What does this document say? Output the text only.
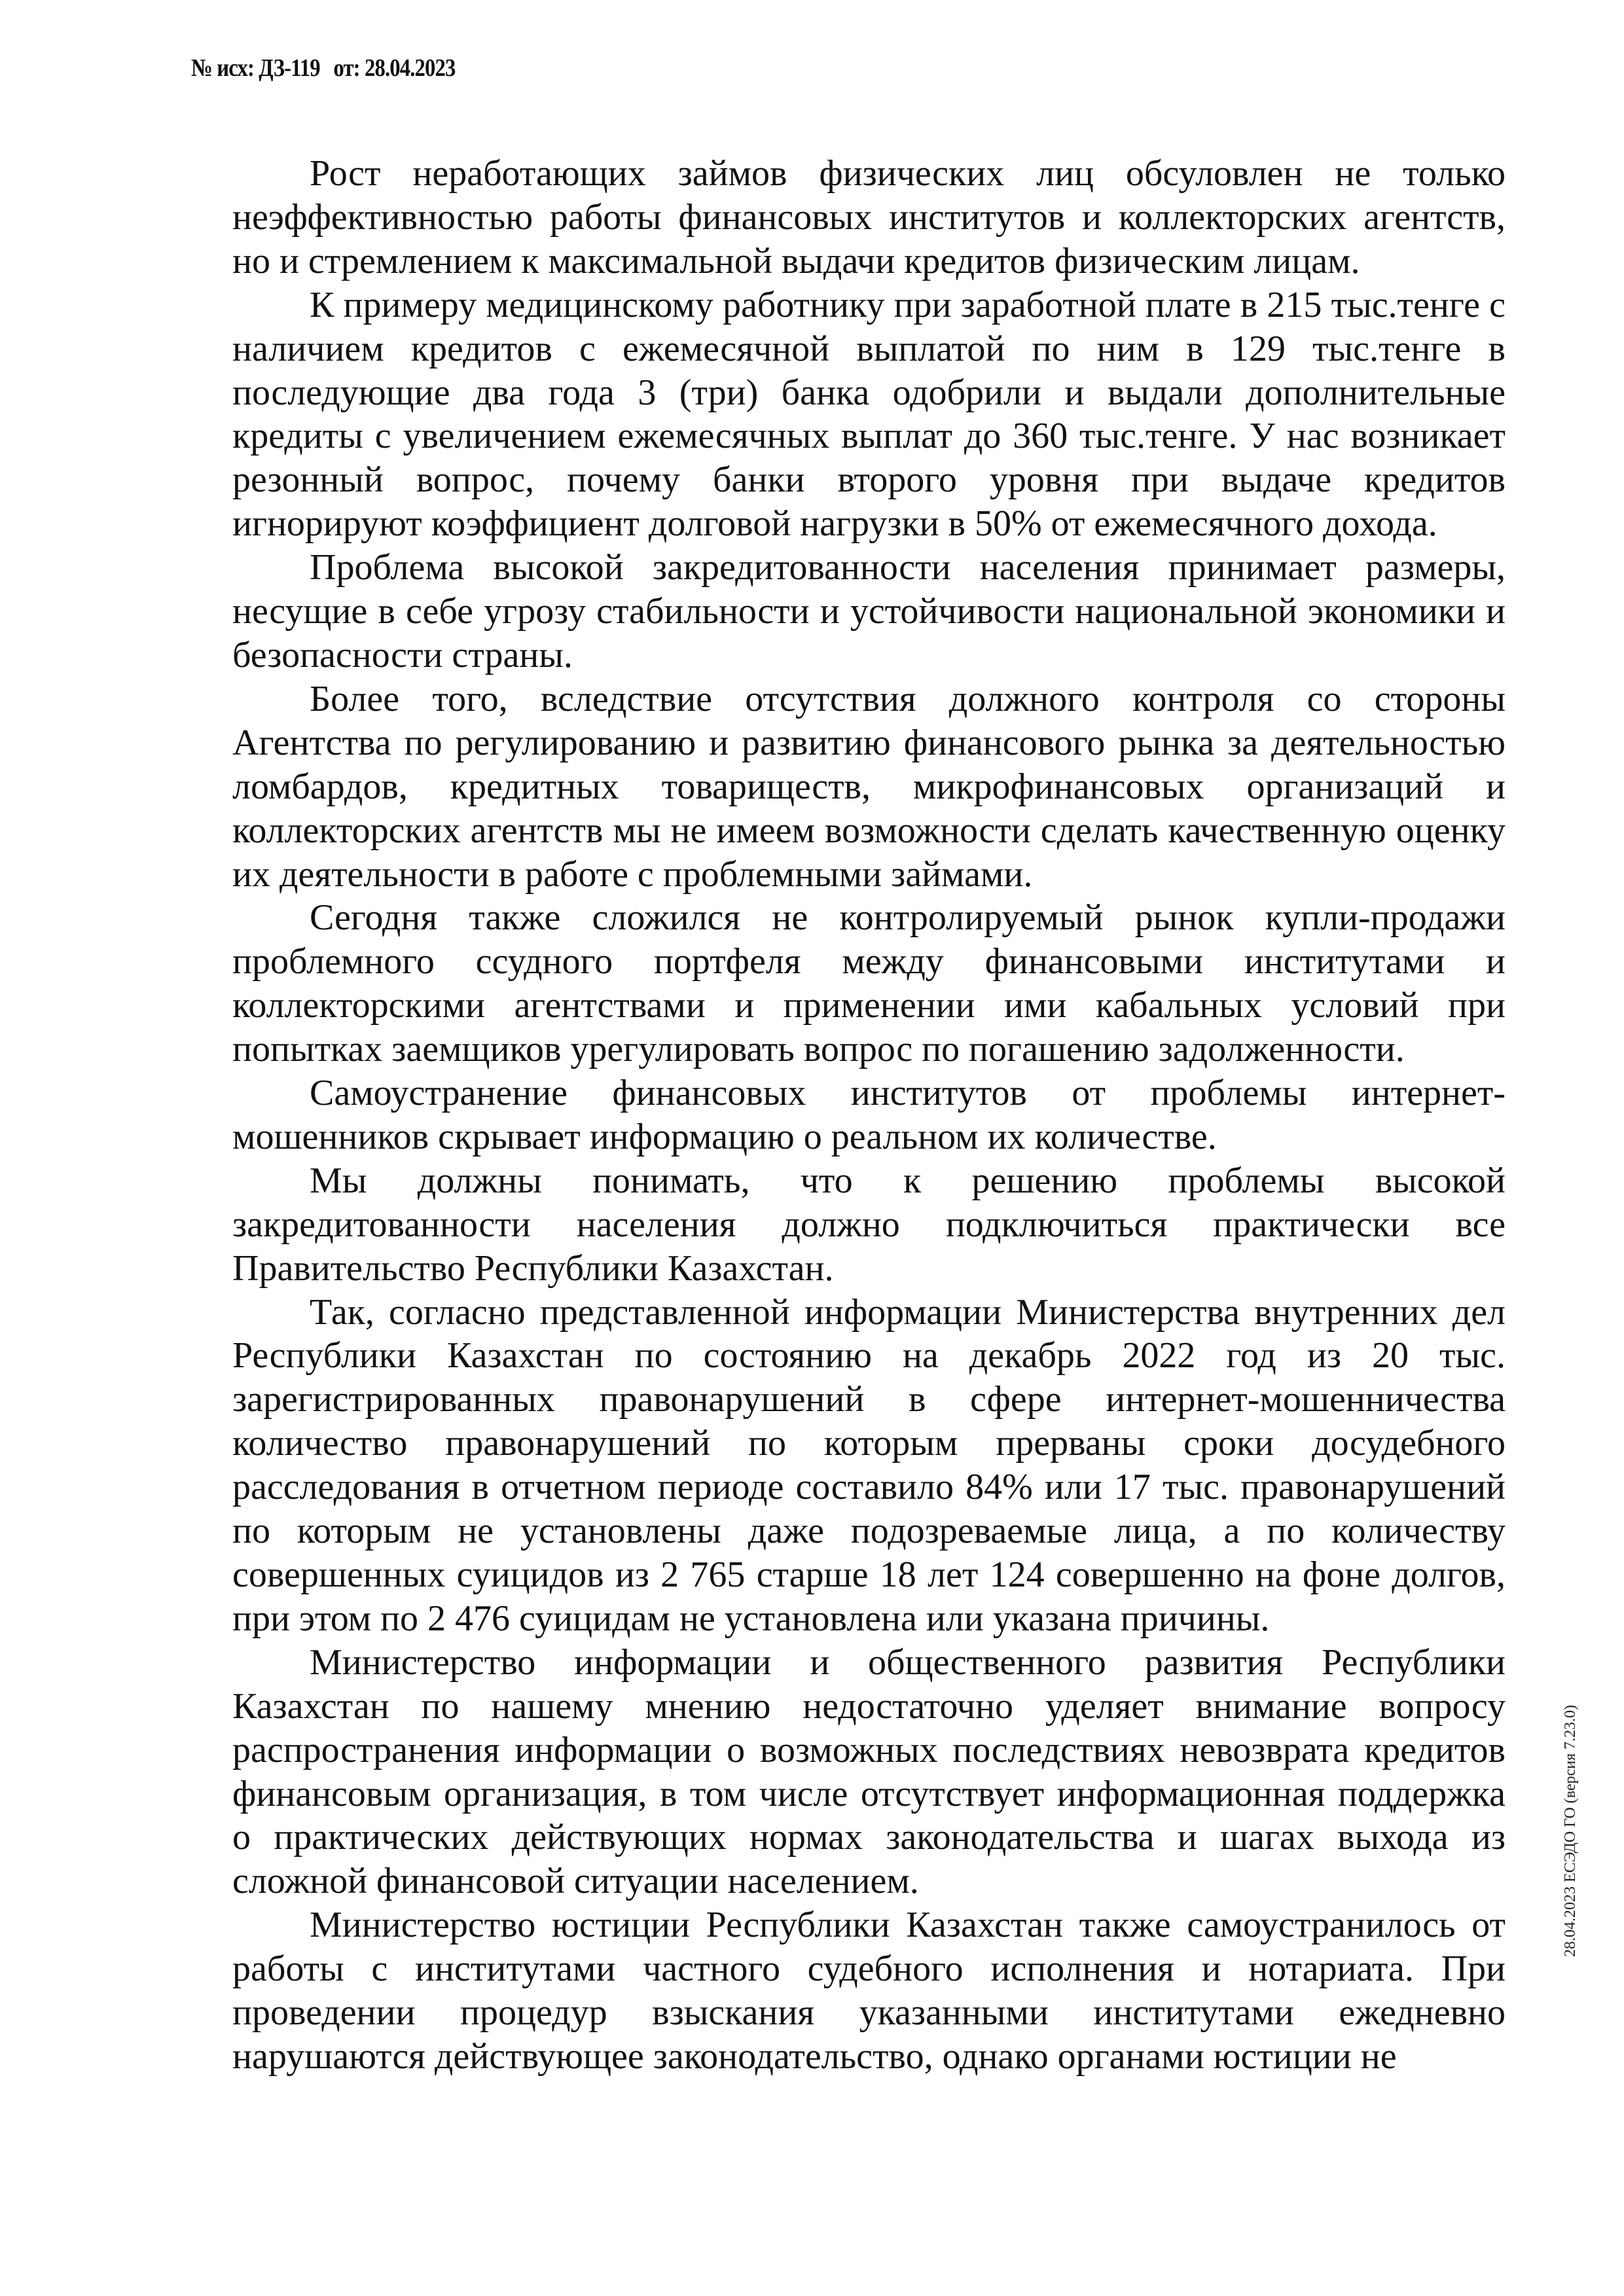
№ исх: ДЗ-119 от: 28.04.2023

Рост неработающих займов физических лиц обсуловлен не только неэффективностью работы финансовых институтов и коллекторских агентств, но и стремлением к максимальной выдачи кредитов физическим лицам.

К примеру медицинскому работнику при заработной плате в 215 тыс.тенге с наличием кредитов с ежемесячной выплатой по ним в 129 тыс.тенге в последующие два года 3 (три) банка одобрили и выдали дополнительные кредиты с увеличением ежемесячных выплат до 360 тыс.тенге. У нас возникает резонный вопрос, почему банки второго уровня при выдаче кредитов игнорируют коэффициент долговой нагрузки в 50% от ежемесячного дохода.

Проблема высокой закредитованности населения принимает размеры, несущие в себе угрозу стабильности и устойчивости национальной экономики и безопасности страны.

Более того, вследствие отсутствия должного контроля со стороны Агентства по регулированию и развитию финансового рынка за деятельностью ломбардов, кредитных товариществ, микрофинансовых организаций и коллекторских агентств мы не имеем возможности сделать качественную оценку их деятельности в работе с проблемными займами.

Сегодня также сложился не контролируемый рынок купли-продажи проблемного ссудного портфеля между финансовыми институтами и коллекторскими агентствами и применении ими кабальных условий при попытках заемщиков урегулировать вопрос по погашению задолженности.

Самоустранение финансовых институтов от проблемы интернет-мошенников скрывает информацию о реальном их количестве.

Мы должны понимать, что к решению проблемы высокой закредитованности населения должно подключиться практически все Правительство Республики Казахстан.

Так, согласно представленной информации Министерства внутренних дел Республики Казахстан по состоянию на декабрь 2022 год из 20 тыс. зарегистрированных правонарушений в сфере интернет-мошенничества количество правонарушений по которым прерваны сроки досудебного расследования в отчетном периоде составило 84% или 17 тыс. правонарушений по которым не установлены даже подозреваемые лица, а по количеству совершенных суицидов из 2 765 старше 18 лет 124 совершенно на фоне долгов, при этом по 2 476 суицидам не установлена или указана причины.

Министерство информации и общественного развития Республики Казахстан по нашему мнению недостаточно уделяет внимание вопросу распространения информации о возможных последствиях невозврата кредитов финансовым организация, в том числе отсутствует информационная поддержка о практических действующих нормах законодательства и шагах выхода из сложной финансовой ситуации населением.

Министерство юстиции Республики Казахстан также самоустранилось от работы с институтами частного судебного исполнения и нотариата. При проведении процедур взыскания указанными институтами ежедневно нарушаются действующее законодательство, однако органами юстиции не

28.04.2023 ЕСЭДО ГО (версия 7.23.0)
